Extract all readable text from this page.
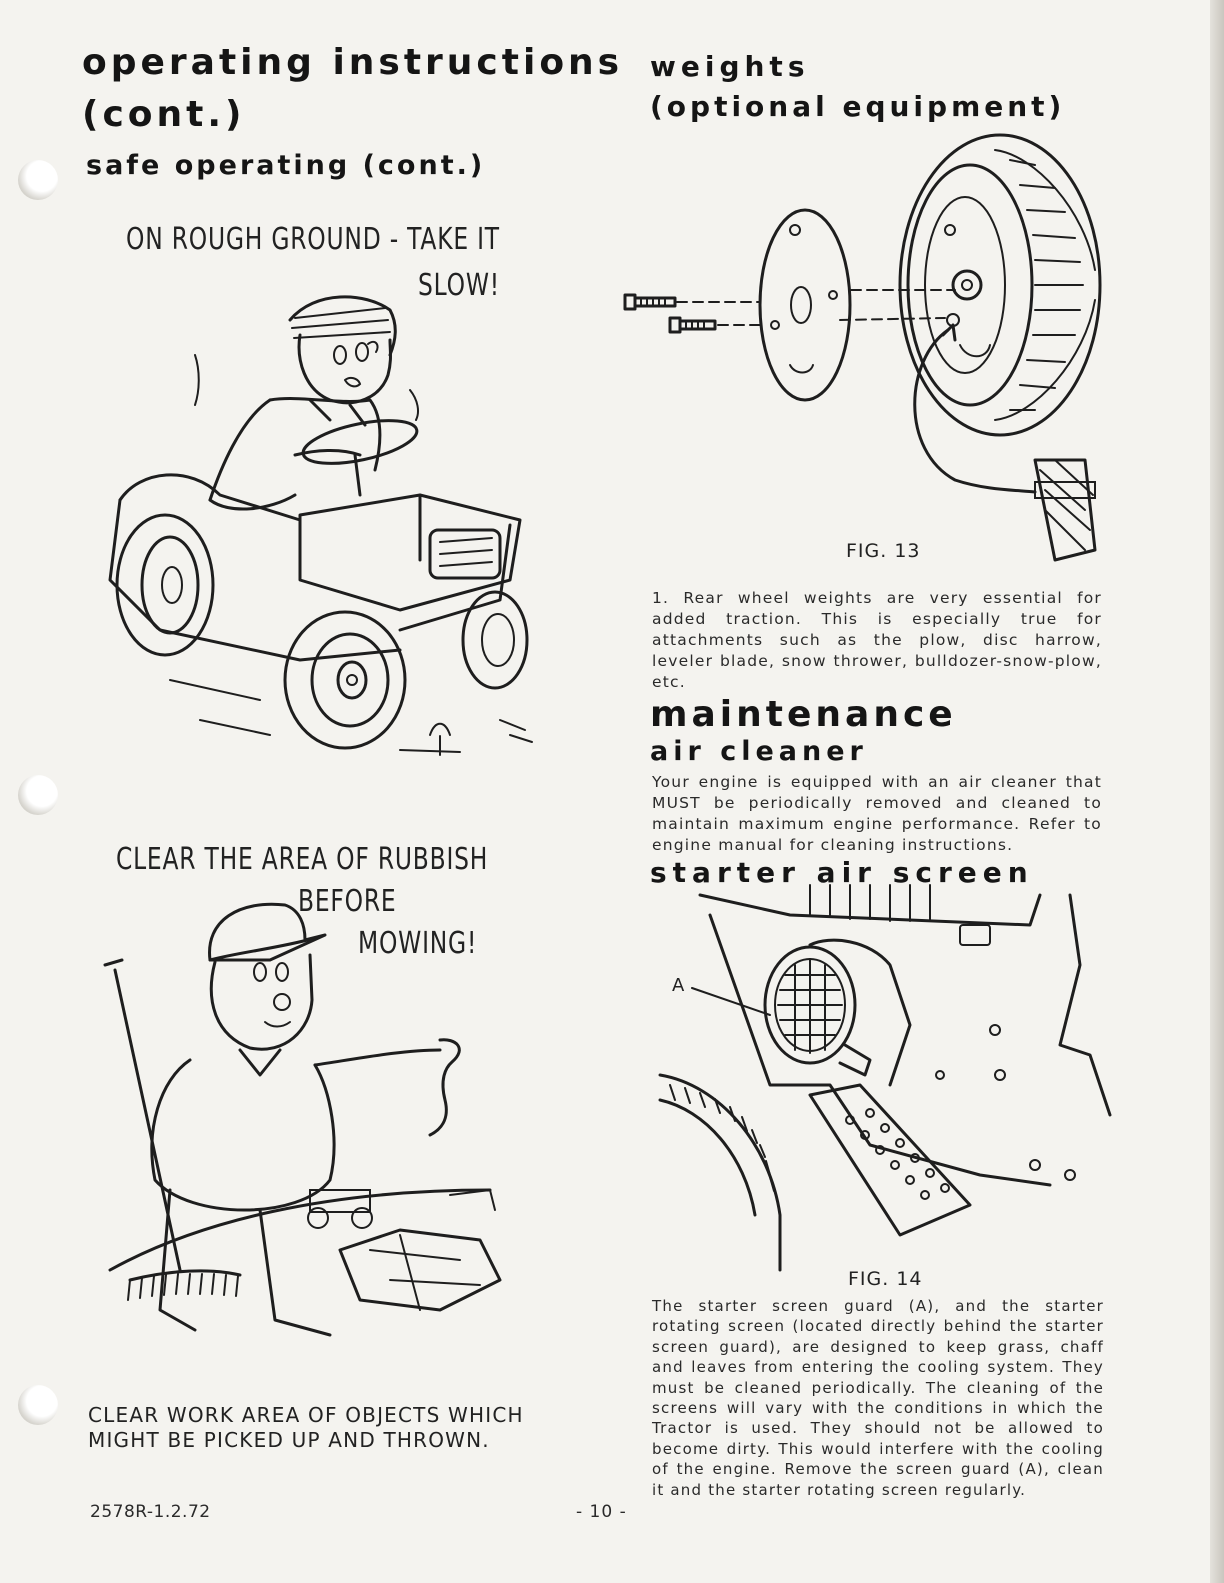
operating instructions
(cont.)
safe operating (cont.)
ON ROUGH GROUND - TAKE IT
SLOW!
CLEAR THE AREA OF RUBBISH
BEFORE
MOWING!
CLEAR WORK AREA OF OBJECTS WHICH
MIGHT BE PICKED UP AND THROWN.
weights
(optional equipment)
FIG. 13

1. Rear wheel weights are very essential for added traction. This is especially true for attachments such as the plow, disc harrow, leveler blade, snow thrower, bulldozer-snow-plow, etc.

maintenance
air cleaner

Your engine is equipped with an air cleaner that MUST be periodically removed and cleaned to maintain maximum engine performance. Refer to engine manual for cleaning instructions.

starter air screen
A
FIG. 14

The starter screen guard (A), and the starter rotating screen (located directly behind the starter screen guard), are designed to keep grass, chaff and leaves from entering the cooling system. They must be cleaned periodically. The cleaning of the screens will vary with the conditions in which the Tractor is used. They should not be allowed to become dirty. This would interfere with the cooling of the engine. Remove the screen guard (A), clean it and the starter rotating screen regularly.

2578R-1.2.72	- 10 -
